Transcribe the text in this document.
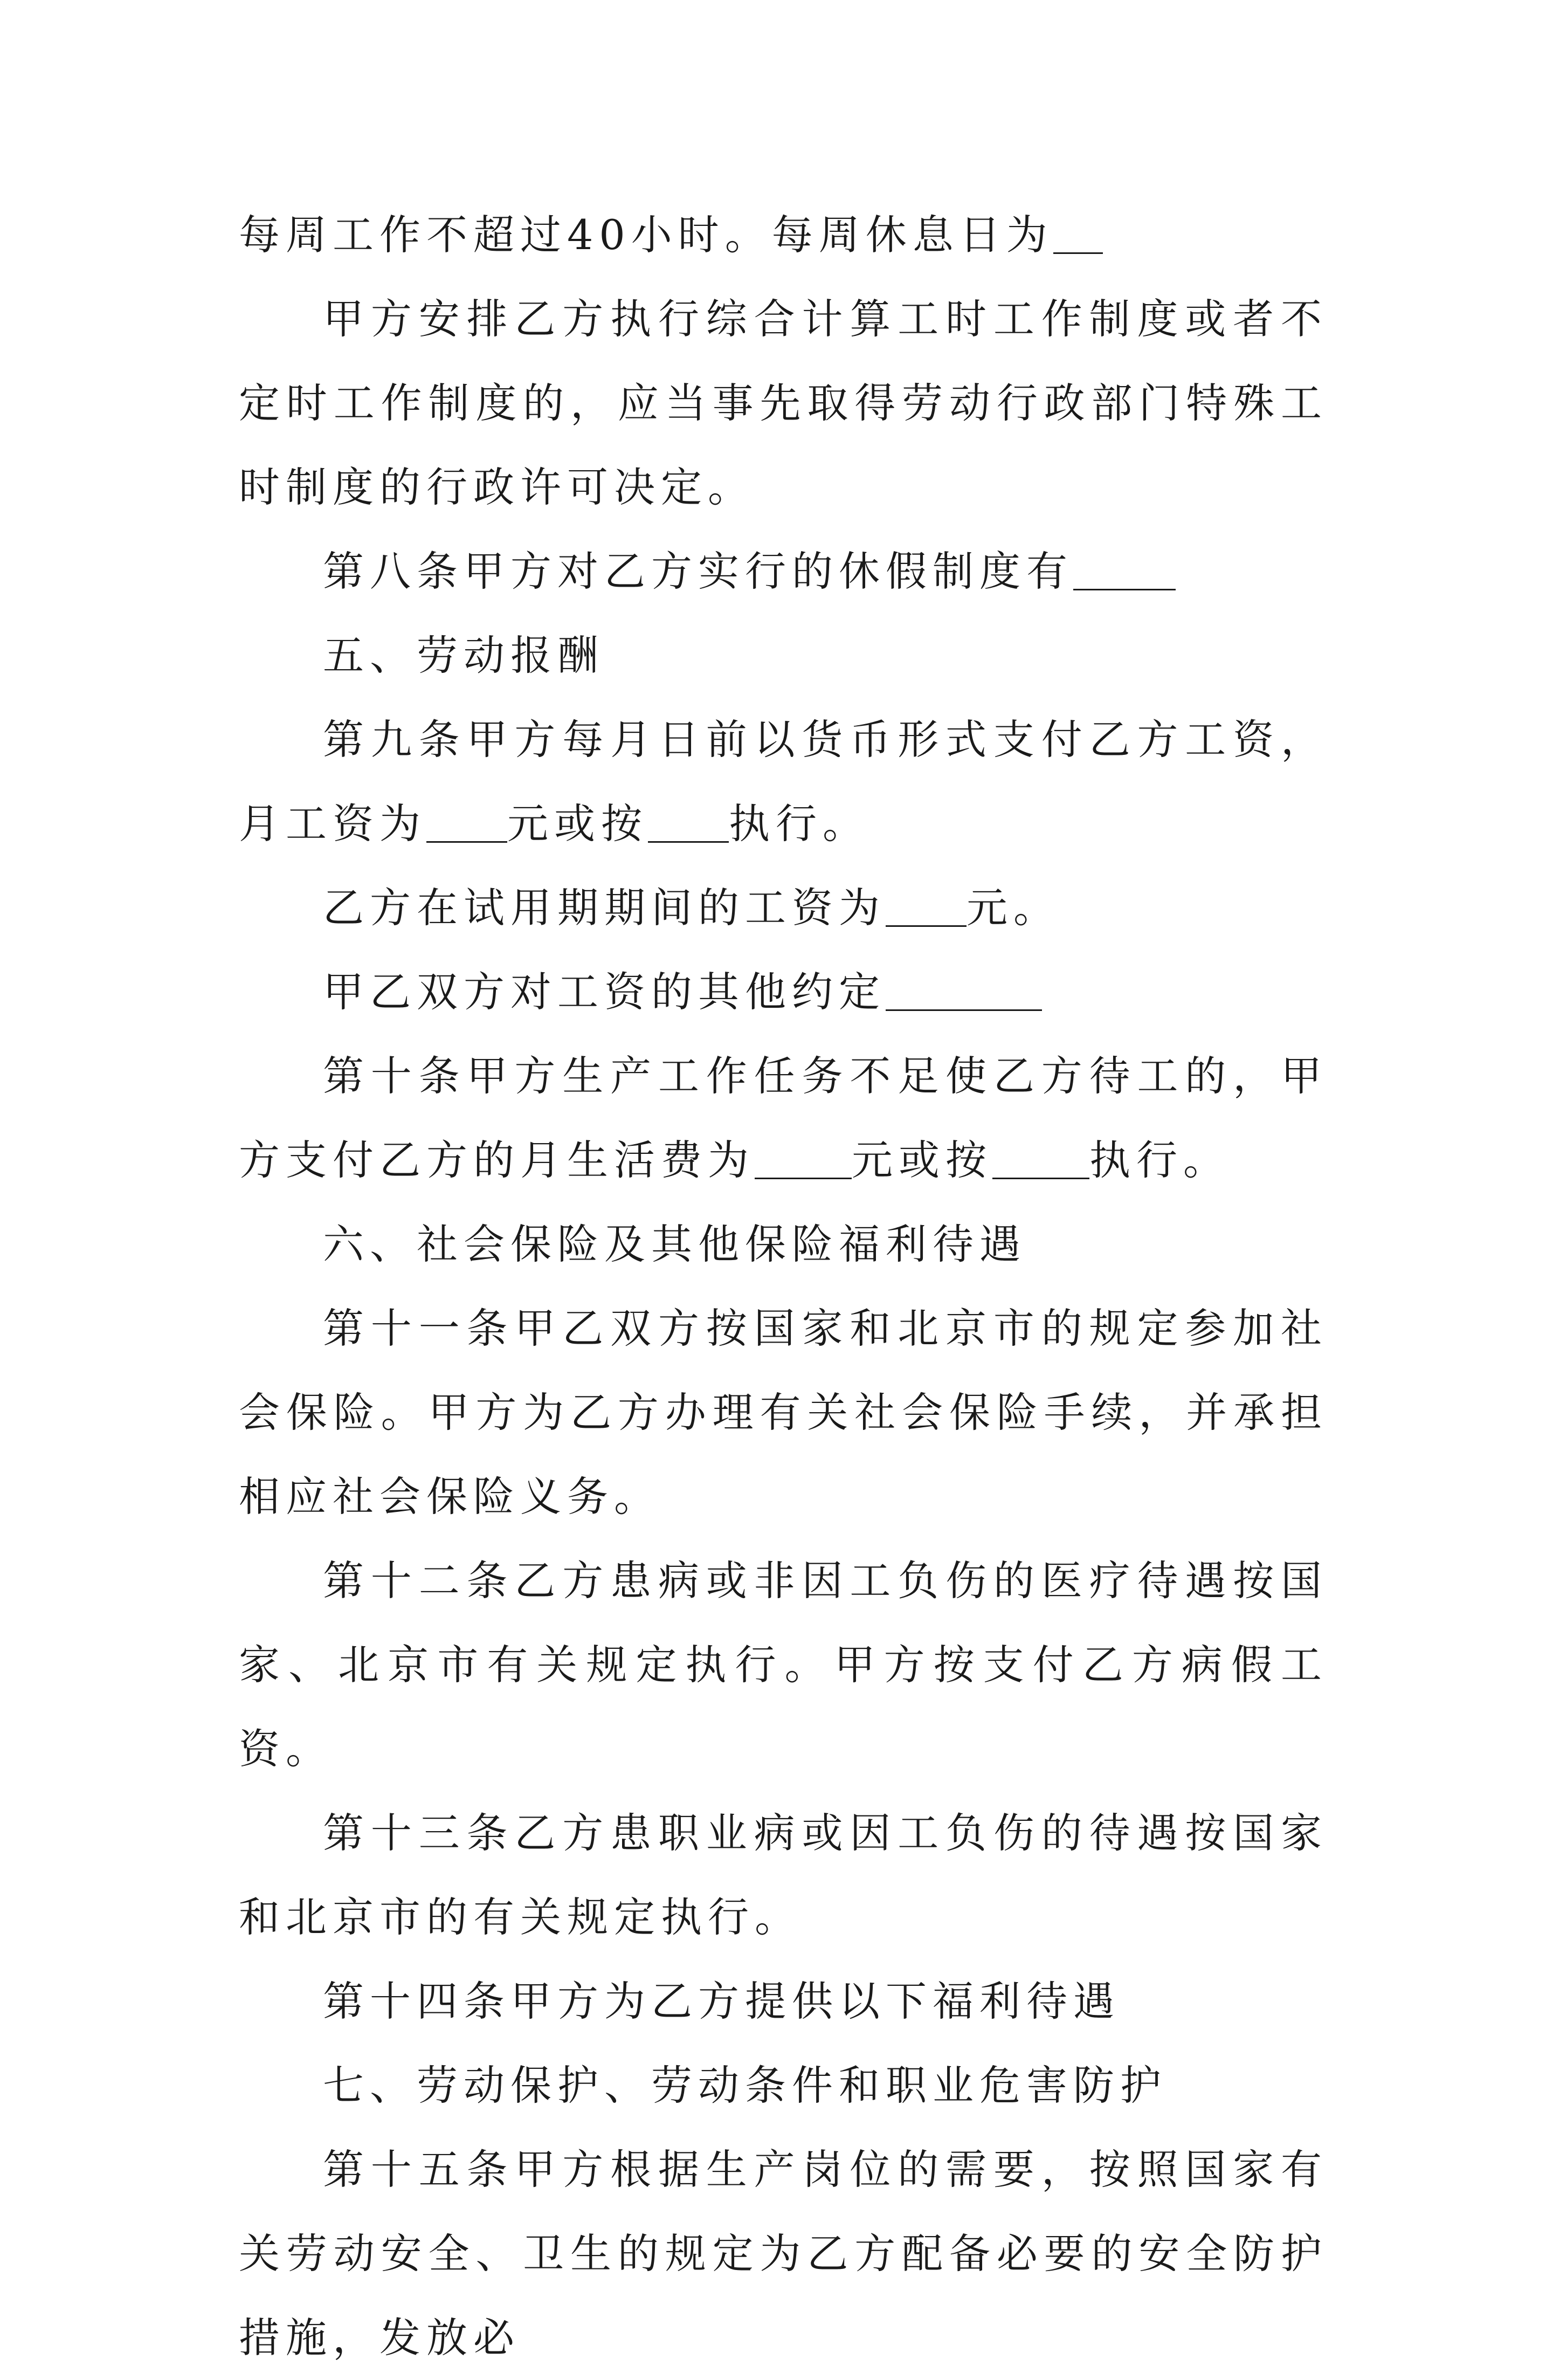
每周工作不超过40小时。每周休息日为

甲方安排乙方执行综合计算工时工作制度或者不定时工作制度的，应当事先取得劳动行政部门特殊工时制度的行政许可决定。

第八条甲方对乙方实行的休假制度有

五、劳动报酬

第九条甲方每月日前以货币形式支付乙方工资，月工资为 元或按 执行。

乙方在试用期期间的工资为 元。

甲乙双方对工资的其他约定

第十条甲方生产工作任务不足使乙方待工的，甲方支付乙方的月生活费为 元或按 执行。

六、社会保险及其他保险福利待遇

第十一条甲乙双方按国家和北京市的规定参加社会保险。甲方为乙方办理有关社会保险手续，并承担相应社会保险义务。

第十二条乙方患病或非因工负伤的医疗待遇按国家、北京市有关规定执行。甲方按支付乙方病假工资。

第十三条乙方患职业病或因工负伤的待遇按国家和北京市的有关规定执行。

第十四条甲方为乙方提供以下福利待遇

七、劳动保护、劳动条件和职业危害防护

第十五条甲方根据生产岗位的需要，按照国家有关劳动安全、卫生的规定为乙方配备必要的安全防护措施，发放必
